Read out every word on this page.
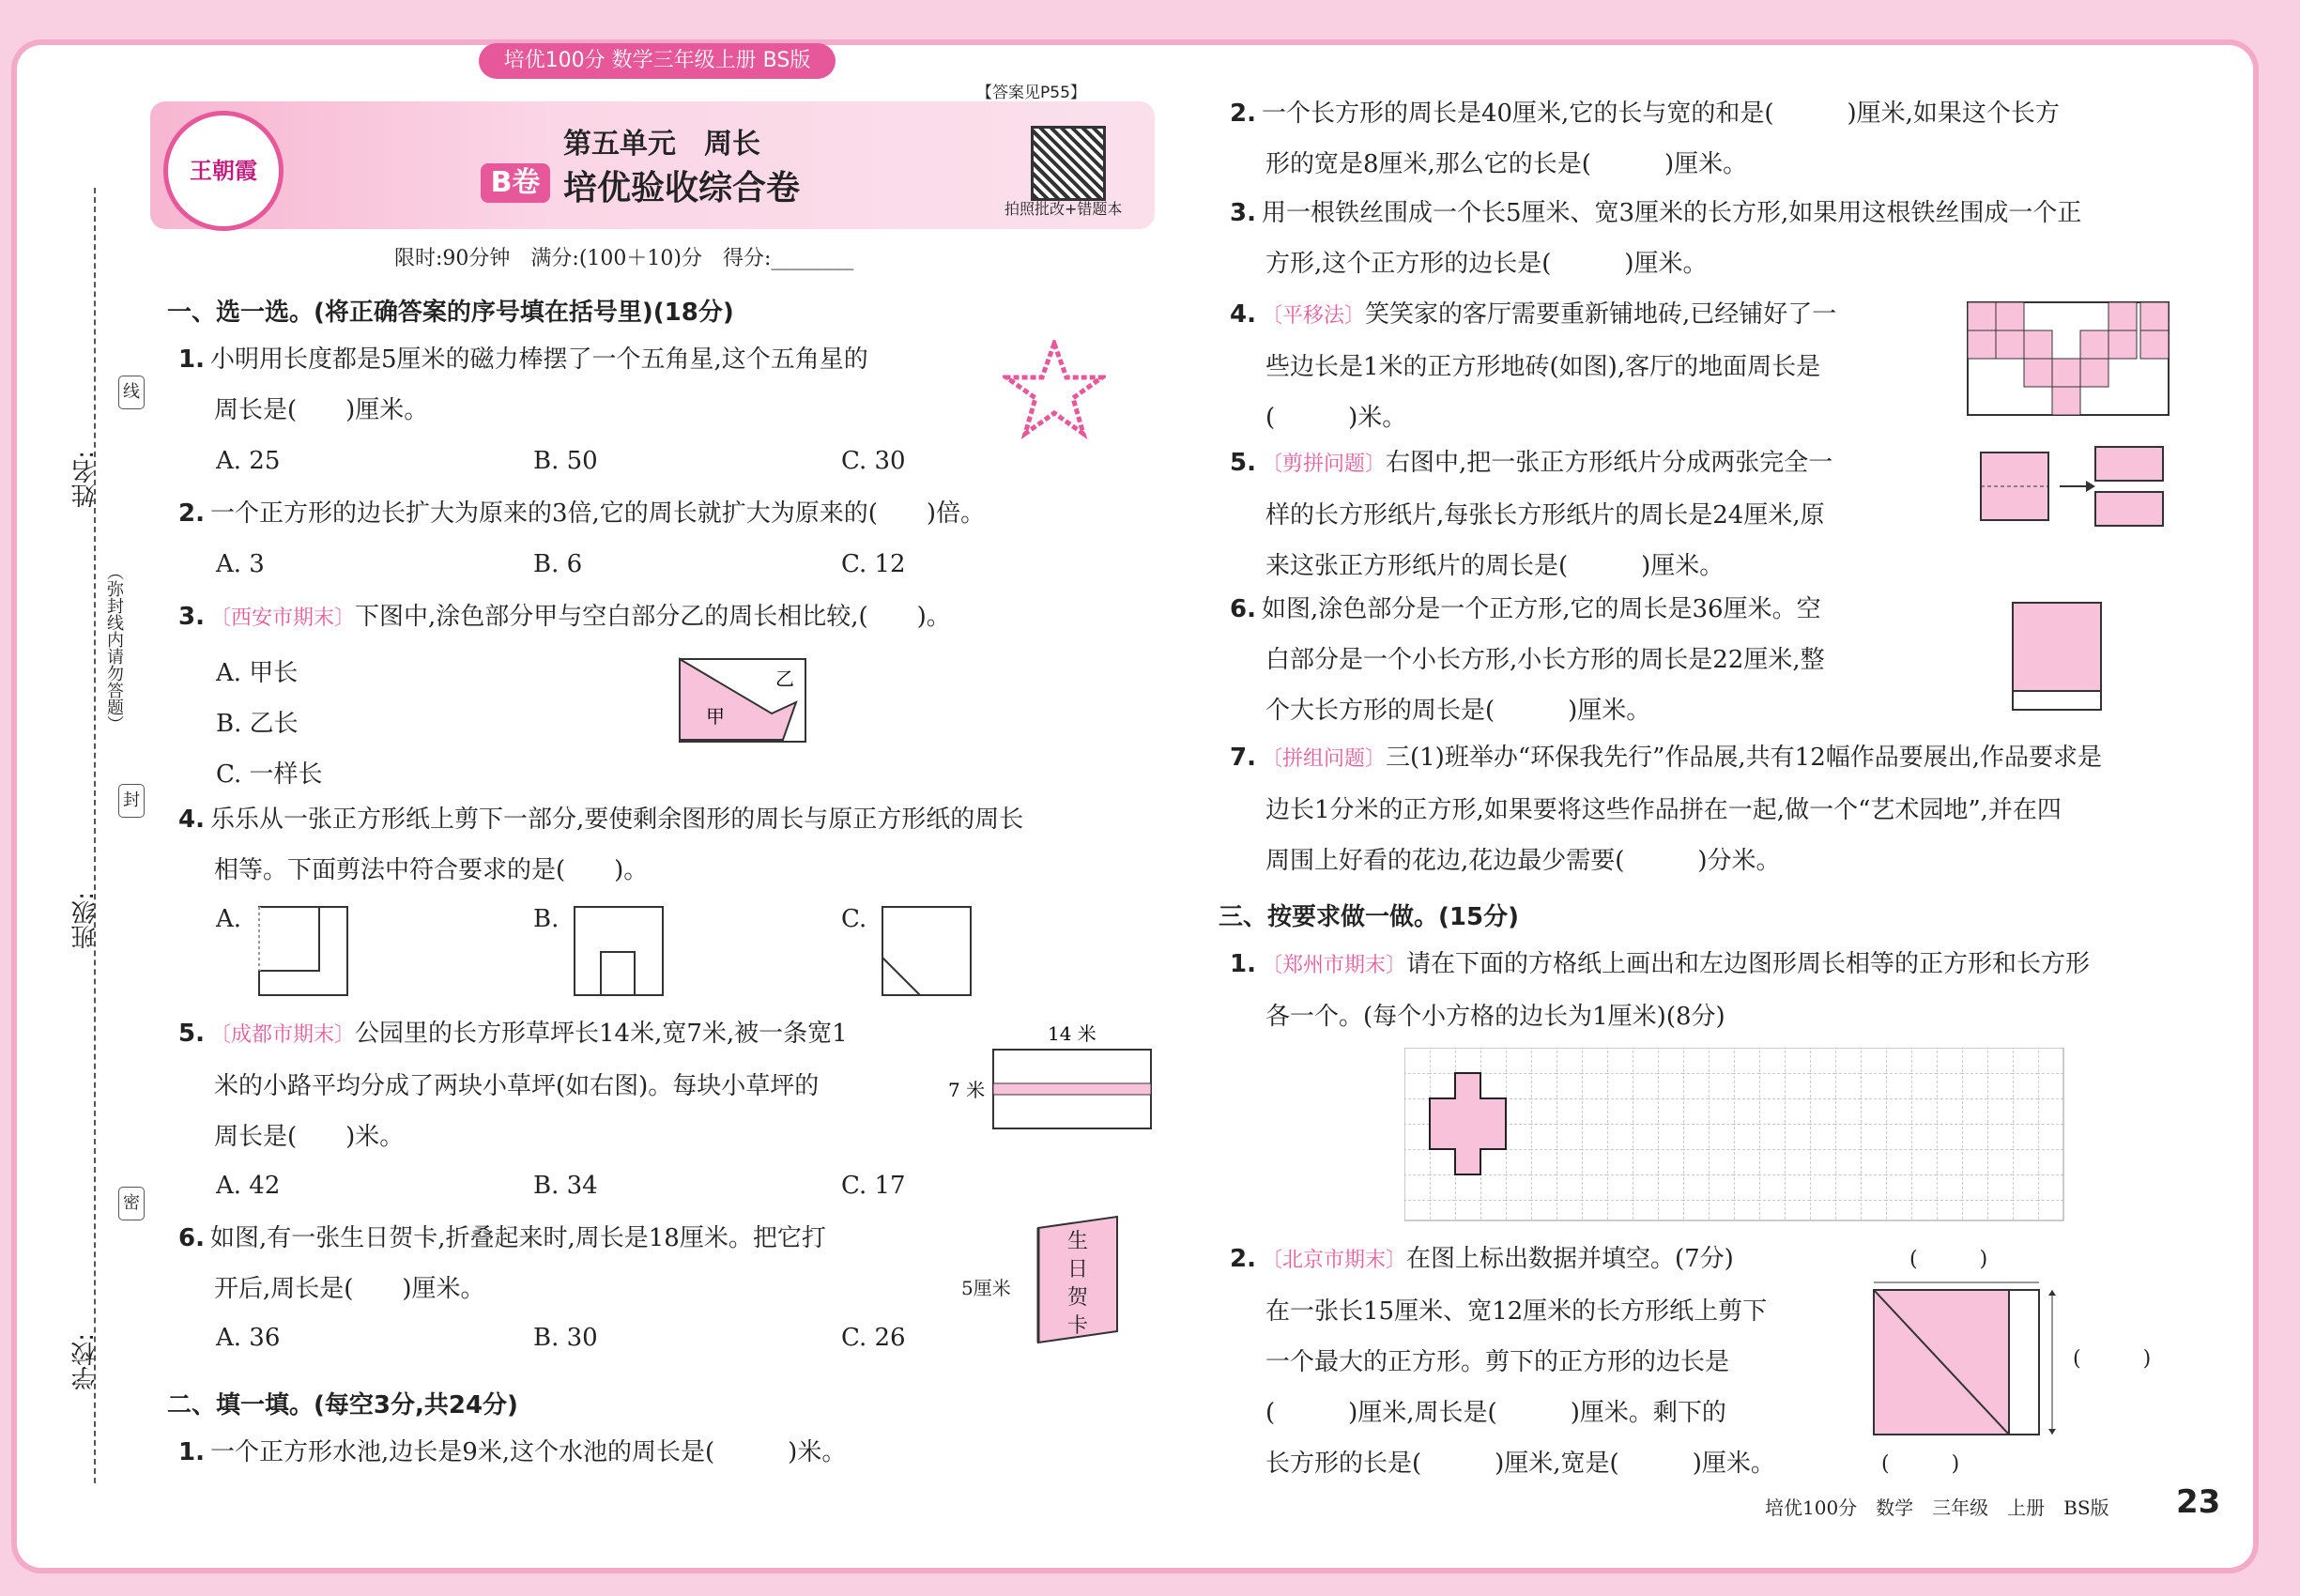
培优100分 数学三年级上册 BS版
线
封
密
姓名:
班级:
学校:
（弥封线内请勿答题）
王朝霞
第五单元　周长
B卷 培优验收综合卷
拍照批改+错题本
【答案见P55】
限时:90分钟　满分:(100＋10)分　得分:________
一、选一选。(将正确答案的序号填在括号里)(18分)
1. 小明用长度都是5厘米的磁力棒摆了一个五角星,这个五角星的
周长是(　　)厘米。
A. 25	B. 50	C. 30
2. 一个正方形的边长扩大为原来的3倍,它的周长就扩大为原来的(　　)倍。
A. 3	B. 6	C. 12
3. 〔西安市期末〕下图中,涂色部分甲与空白部分乙的周长相比较,(　　)。
A. 甲长
B. 乙长
C. 一样长
甲
乙
4. 乐乐从一张正方形纸上剪下一部分,要使剩余图形的周长与原正方形纸的周长
相等。下面剪法中符合要求的是(　　)。
A.	B.	C.
5. 〔成都市期末〕公园里的长方形草坪长14米,宽7米,被一条宽1
米的小路平均分成了两块小草坪(如右图)。每块小草坪的
周长是(　　)米。
A. 42	B. 34	C. 17
14 米
7 米
6. 如图,有一张生日贺卡,折叠起来时,周长是18厘米。把它打
开后,周长是(　　)厘米。
A. 36	B. 30	C. 26
5厘米
生日贺卡
二、填一填。(每空3分,共24分)
1. 一个正方形水池,边长是9米,这个水池的周长是(　　　)米。
2. 一个长方形的周长是40厘米,它的长与宽的和是(　　　)厘米,如果这个长方
形的宽是8厘米,那么它的长是(　　　)厘米。
3. 用一根铁丝围成一个长5厘米、宽3厘米的长方形,如果用这根铁丝围成一个正
方形,这个正方形的边长是(　　　)厘米。
4. 〔平移法〕笑笑家的客厅需要重新铺地砖,已经铺好了一
些边长是1米的正方形地砖(如图),客厅的地面周长是
(　　　)米。
5. 〔剪拼问题〕右图中,把一张正方形纸片分成两张完全一
样的长方形纸片,每张长方形纸片的周长是24厘米,原
来这张正方形纸片的周长是(　　　)厘米。
6. 如图,涂色部分是一个正方形,它的周长是36厘米。空
白部分是一个小长方形,小长方形的周长是22厘米,整
个大长方形的周长是(　　　)厘米。
7. 〔拼组问题〕三(1)班举办“环保我先行”作品展,共有12幅作品要展出,作品要求是
边长1分米的正方形,如果要将这些作品拼在一起,做一个“艺术园地”,并在四
周围上好看的花边,花边最少需要(　　　)分米。
三、按要求做一做。(15分)
1. 〔郑州市期末〕请在下面的方格纸上画出和左边图形周长相等的正方形和长方形
各一个。(每个小方格的边长为1厘米)(8分)
2. 〔北京市期末〕在图上标出数据并填空。(7分)
在一张长15厘米、宽12厘米的长方形纸上剪下
一个最大的正方形。剪下的正方形的边长是
(　　　)厘米,周长是(　　　)厘米。剩下的
长方形的长是(　　　)厘米,宽是(　　　)厘米。
(　　　)
(　　　)
(　　　)
培优100分　数学　三年级　上册　BS版 23
